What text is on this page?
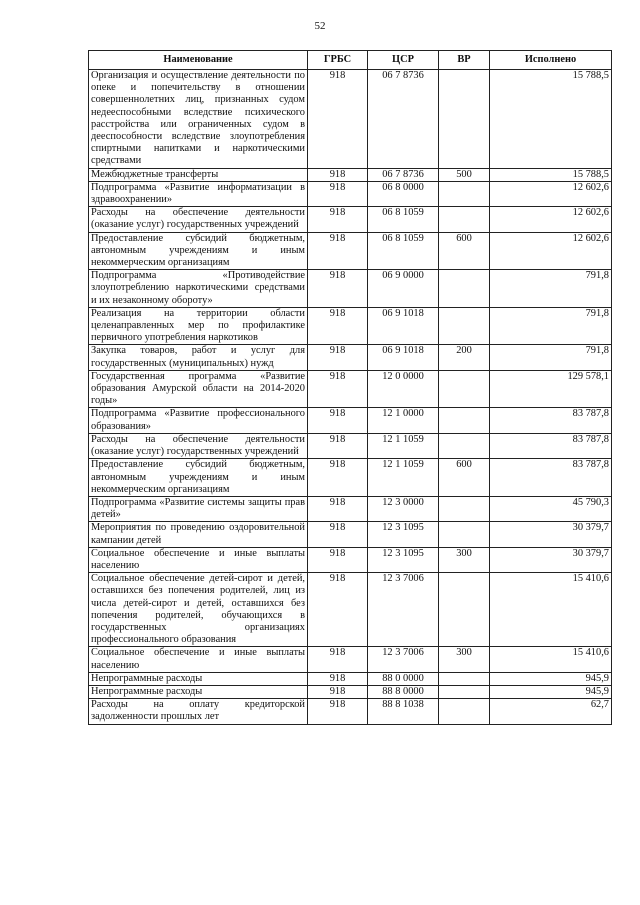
52
Наименование	ГРБС	ЦСР	ВР	Исполнено
Организация и осуществление деятельности по опеке и попечительству в отношении совершеннолетних лиц, признанных судом недееспособными вследствие психического расстройства или ограниченных судом в дееспособности вследствие злоупотребления спиртными напитками и наркотическими средствами	918	06 7 8736		15 788,5
Межбюджетные трансферты	918	06 7 8736	500	15 788,5
Подпрограмма «Развитие информатизации в здравоохранении»	918	06 8 0000		12 602,6
Расходы на обеспечение деятельности (оказание услуг) государственных учреждений	918	06 8 1059		12 602,6
Предоставление субсидий бюджетным, автономным учреждениям и иным некоммерческим организациям	918	06 8 1059	600	12 602,6
Подпрограмма «Противодействие злоупотреблению наркотическими средствами и их незаконному обороту»	918	06 9 0000		791,8
Реализация на территории области целенаправленных мер по профилактике первичного употребления наркотиков	918	06 9 1018		791,8
Закупка товаров, работ и услуг для государственных (муниципальных) нужд	918	06 9 1018	200	791,8
Государственная программа «Развитие образования Амурской области на 2014-2020 годы»	918	12 0 0000		129 578,1
Подпрограмма «Развитие профессионального образования»	918	12 1 0000		83 787,8
Расходы на обеспечение деятельности (оказание услуг) государственных учреждений	918	12 1 1059		83 787,8
Предоставление субсидий бюджетным, автономным учреждениям и иным некоммерческим организациям	918	12 1 1059	600	83 787,8
Подпрограмма «Развитие системы защиты прав детей»	918	12 3 0000		45 790,3
Мероприятия по проведению оздоровительной кампании детей	918	12 3 1095		30 379,7
Социальное обеспечение и иные выплаты населению	918	12 3 1095	300	30 379,7
Социальное обеспечение детей-сирот и детей, оставшихся без попечения родителей, лиц из числа детей-сирот и детей, оставшихся без попечения родителей, обучающихся в государственных организациях профессионального образования	918	12 3 7006		15 410,6
Социальное обеспечение и иные выплаты населению	918	12 3 7006	300	15 410,6
Непрограммные расходы	918	88 0 0000		945,9
Непрограммные расходы	918	88 8 0000		945,9
Расходы на оплату кредиторской задолженности прошлых лет	918	88 8 1038		62,7
